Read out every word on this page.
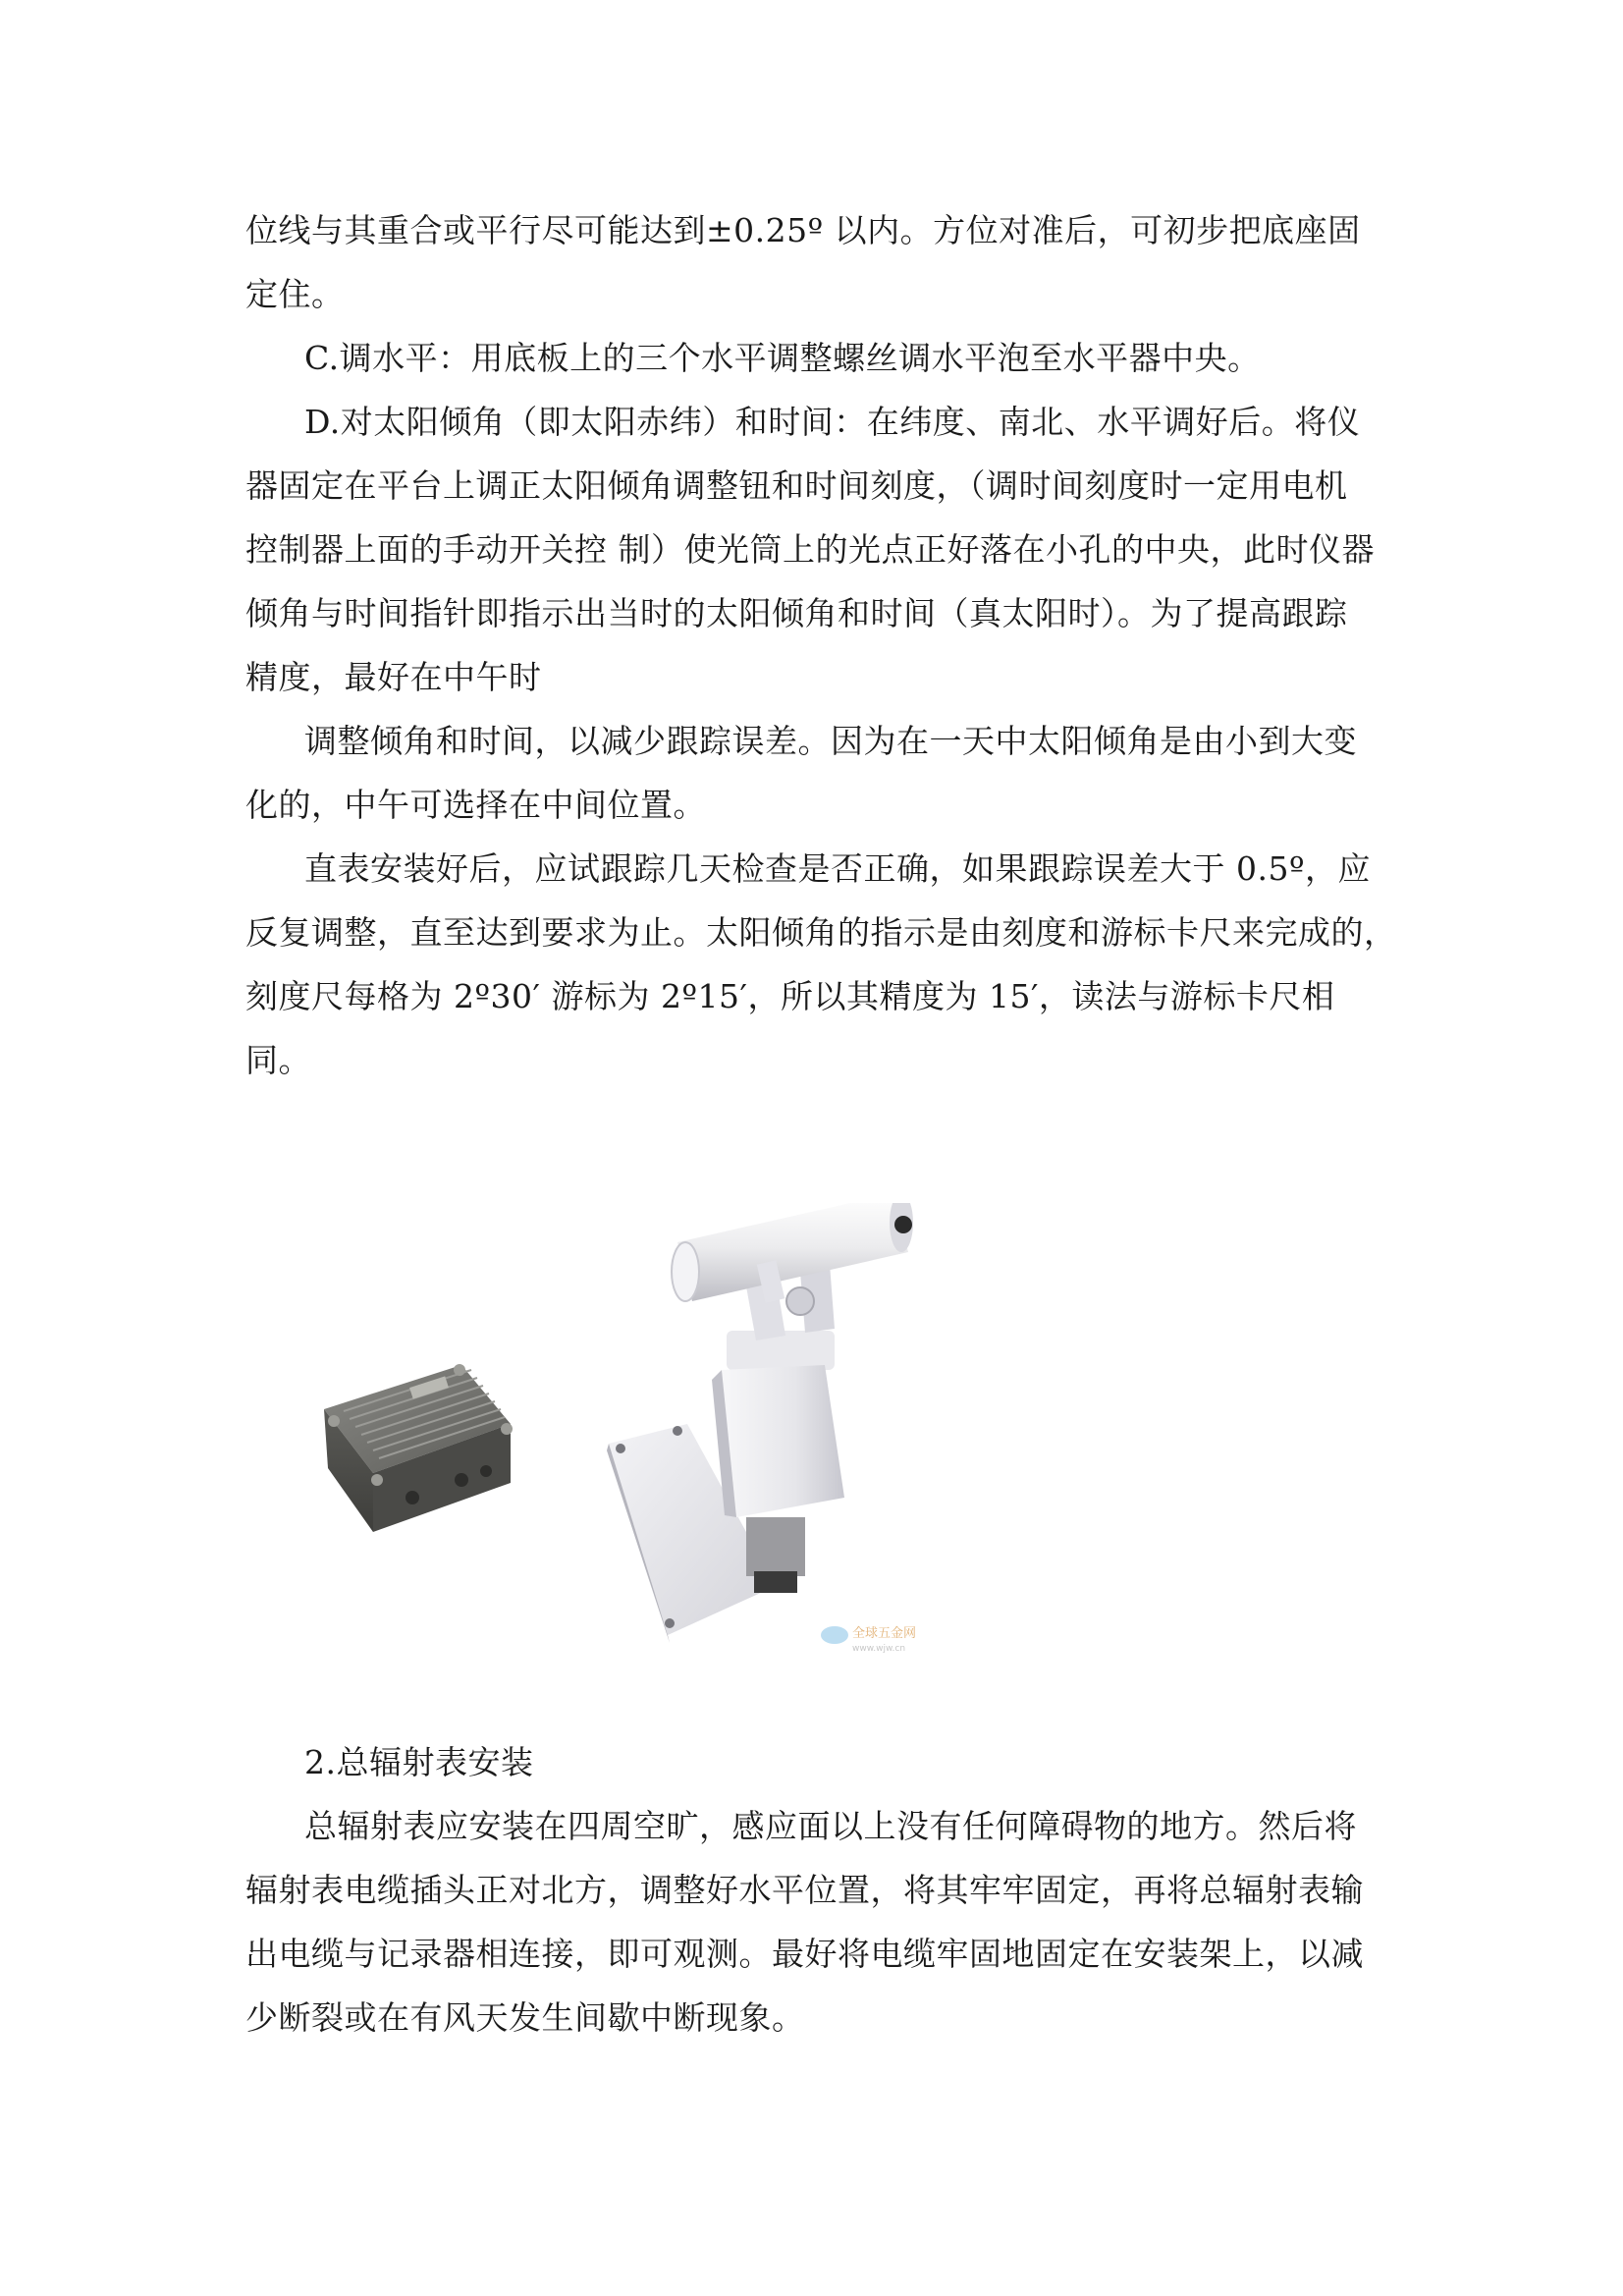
位线与其重合或平行尽可能达到±0.25º 以内。方位对准后，可初步把底座固
定住。
C.调水平：用底板上的三个水平调整螺丝调水平泡至水平器中央。
D.对太阳倾角（即太阳赤纬）和时间：在纬度、南北、水平调好后。将仪
器固定在平台上调正太阳倾角调整钮和时间刻度，（调时间刻度时一定用电机
控制器上面的手动开关控 制）使光筒上的光点正好落在小孔的中央，此时仪器
倾角与时间指针即指示出当时的太阳倾角和时间（真太阳时）。为了提高跟踪
精度，最好在中午时
调整倾角和时间，以减少跟踪误差。因为在一天中太阳倾角是由小到大变
化的，中午可选择在中间位置。
直表安装好后，应试跟踪几天检查是否正确，如果跟踪误差大于 0.5º，应
反复调整，直至达到要求为止。太阳倾角的指示是由刻度和游标卡尺来完成的，
刻度尺每格为 2º30′ 游标为 2º15′，所以其精度为 15′，读法与游标卡尺相
同。
全球五金网
www.wjw.cn
2.总辐射表安装
总辐射表应安装在四周空旷，感应面以上没有任何障碍物的地方。然后将
辐射表电缆插头正对北方，调整好水平位置，将其牢牢固定，再将总辐射表输
出电缆与记录器相连接，即可观测。最好将电缆牢固地固定在安装架上，以减
少断裂或在有风天发生间歇中断现象。
